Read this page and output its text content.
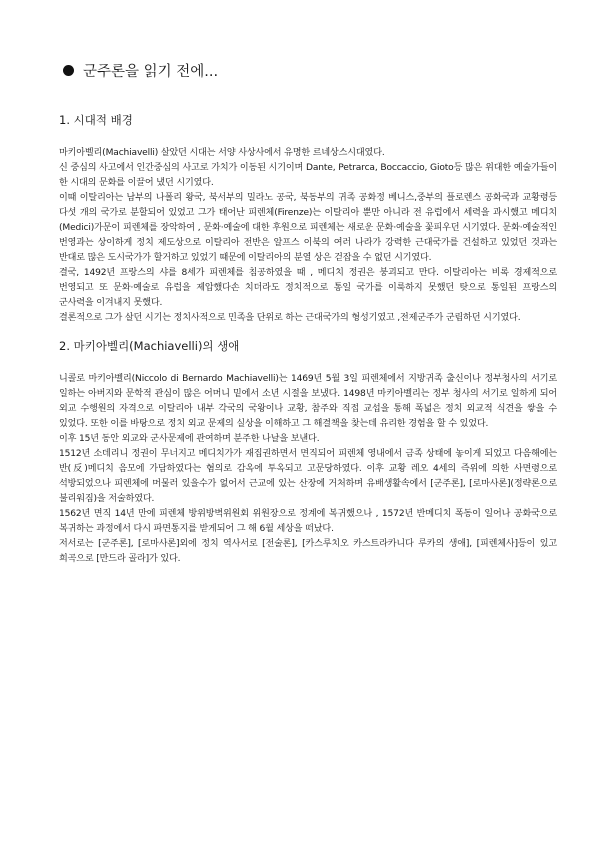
군주론을 읽기 전에...
1. 시대적 배경

마키아벨리(Machiavelli) 살았던 시대는 서양 사상사에서 유명한 르네상스시대였다.

신 중심의 사고에서 인간중심의 사고로 가치가 이동된 시기이며 Dante, Petrarca, Boccaccio, Gioto등 많은 위대한 예술가들이 한 시대의 문화를 이끌어 냈던 시기였다.

이때 이탈리아는 남부의 나폴리 왕국, 북서부의 밀라노 공국, 북동부의 귀족 공화정 베니스,중부의 플로렌스 공화국과 교황령등 다섯 개의 국가로 분할되어 있었고 그가 태어난 피렌체(Firenze)는 이탈리아 뿐만 아니라 전 유럽에서 세력을 과시했고 메디치(Medici)가문이 피렌체를 장악하여 , 문화·예술에 대한 후원으로 피렌체는 새로운 문화·예술을 꽃피우던 시기였다. 문화·예술적인 번영과는 상이하게 정치 제도상으로 이탈리아 전반은 알프스 이북의 여러 나라가 강력한 근대국가를 건설하고 있었던 것과는 반대로 많은 도시국가가 할거하고 있었기 때문에 이탈리아의 분열 상은 걷잡을 수 없던 시기였다.

결국, 1492년 프랑스의 샤를 8세가 피렌체를 침공하였을 때 , 메디치 정권은 붕괴되고 만다. 이탈리아는 비록 경제적으로 번영되고 또 문화·예술로 유럽을 제압했다손 치더라도 정치적으로 통일 국가를 이룩하지 못했던 탓으로 통일된 프랑스의 군사력을 이겨내지 못했다.

결론적으로 그가 살던 시기는 정치사적으로 민족을 단위로 하는 근대국가의 형성기였고 ,전제군주가 군림하던 시기였다.

2. 마키아벨리(Machiavelli)의 생애

니콜로 마키아벨리(Niccolo di Bernardo Machiavelli)는 1469년 5월 3일 피렌체에서 지방귀족 출신이나 정부청사의 서기로 일하는 아버지와 문학적 관심이 많은 어머니 밑에서 소년 시절을 보냈다. 1498년 마키아벨리는 정부 청사의 서기로 일하게 되어 외교 수행원의 자격으로 이탈리아 내부 각국의 국왕이나 교황, 참주와 직접 교섭을 통해 폭넓은 정치 외교적 식견을 쌓을 수 있었다. 또한 이를 바탕으로 정치 외교 문제의 실상을 이해하고 그 해결책을 찾는데 유리한 경험을 할 수 있었다.

이후 15년 동안 외교와 군사문제에 관여하며 분주한 나날을 보낸다.

1512년 소데리니 정권이 무너지고 메디치가가 재집권하면서 면직되어 피렌체 영내에서 금족 상태에 놓이게 되었고 다음해에는 반(反)메디치 음모에 가담하였다는 혐의로 감옥에 투옥되고 고문당하였다. 이후 교황 레오 4세의 즉위에 의한 사면령으로 석방되었으나 피렌체에 머물러 있을수가 없어서 근교에 있는 산장에 거처하며 유배생활속에서 [군주론], [로마사론](정략론으로 불리워짐)을 저술하였다.

1562년 면직 14년 만에 피렌체 방위방벽위원회 위원장으로 정계에 복귀했으나 , 1572년 반메디치 폭동이 일어나 공화국으로 복귀하는 과정에서 다시 파면통지를 받게되어 그 해 6월 세상을 떠났다.

저서로는 [군주론], [로마사론]외에 정치 역사서로 [전술론], [카스루치오 카스트라카니다 루카의 생애], [피렌체사]등이 있고 희곡으로 [만드라 골라]가 있다.
